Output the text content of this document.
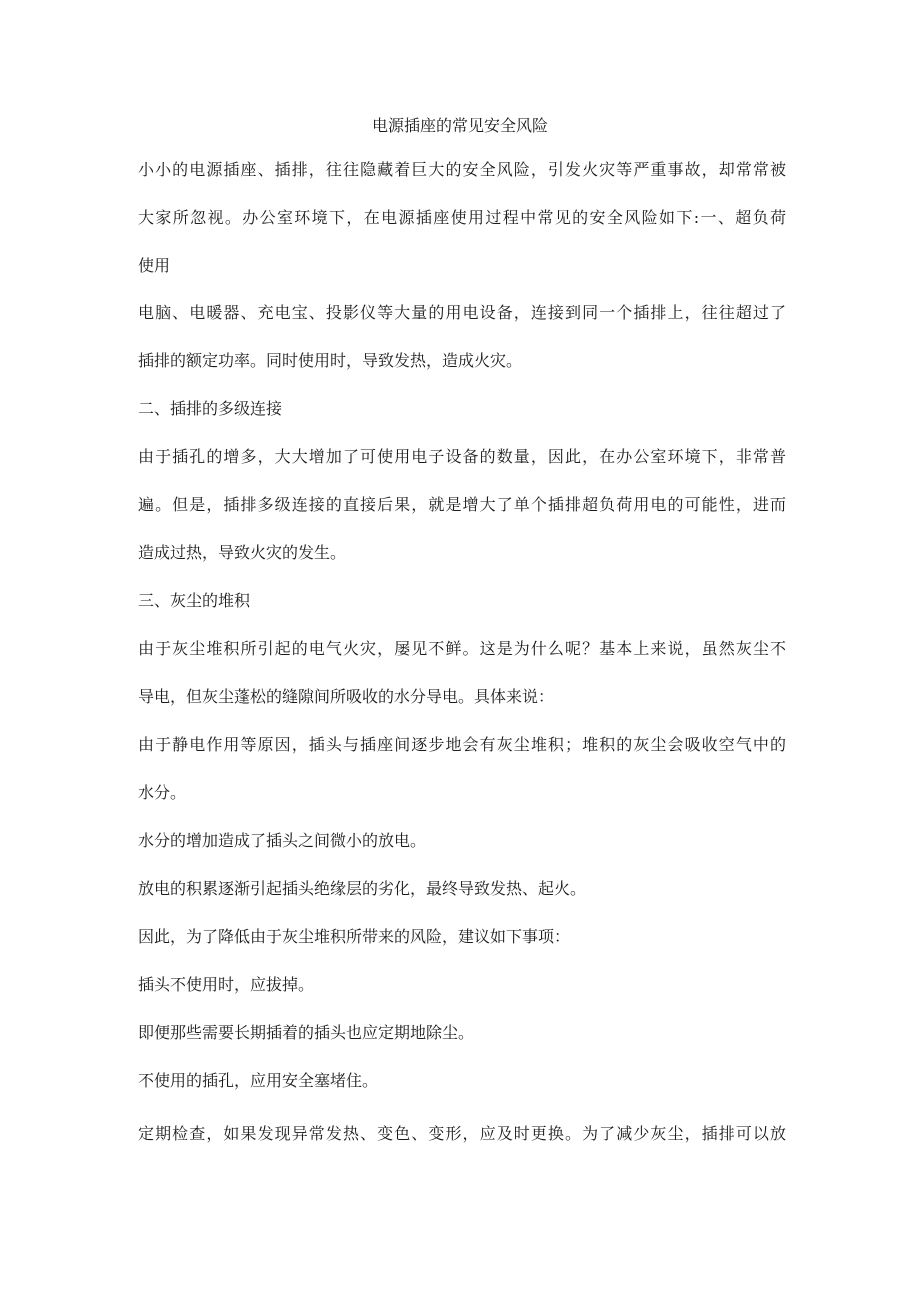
电源插座的常见安全风险
小小的电源插座、插排，往往隐藏着巨大的安全风险，引发火灾等严重事故，却常常被
大家所忽视。办公室环境下，在电源插座使用过程中常见的安全风险如下:一、超负荷
使用
电脑、电暖器、充电宝、投影仪等大量的用电设备，连接到同一个插排上，往往超过了
插排的额定功率。同时使用时，导致发热，造成火灾。
二、插排的多级连接
由于插孔的增多，大大增加了可使用电子设备的数量，因此，在办公室环境下，非常普
遍。但是，插排多级连接的直接后果，就是增大了单个插排超负荷用电的可能性，进而
造成过热，导致火灾的发生。
三、灰尘的堆积
由于灰尘堆积所引起的电气火灾，屡见不鲜。这是为什么呢？基本上来说，虽然灰尘不
导电，但灰尘蓬松的缝隙间所吸收的水分导电。具体来说：
由于静电作用等原因，插头与插座间逐步地会有灰尘堆积；堆积的灰尘会吸收空气中的
水分。
水分的增加造成了插头之间微小的放电。
放电的积累逐渐引起插头绝缘层的劣化，最终导致发热、起火。
因此，为了降低由于灰尘堆积所带来的风险，建议如下事项：
插头不使用时，应拔掉。
即便那些需要长期插着的插头也应定期地除尘。
不使用的插孔，应用安全塞堵住。
定期检查，如果发现异常发热、变色、变形，应及时更换。为了减少灰尘，插排可以放
